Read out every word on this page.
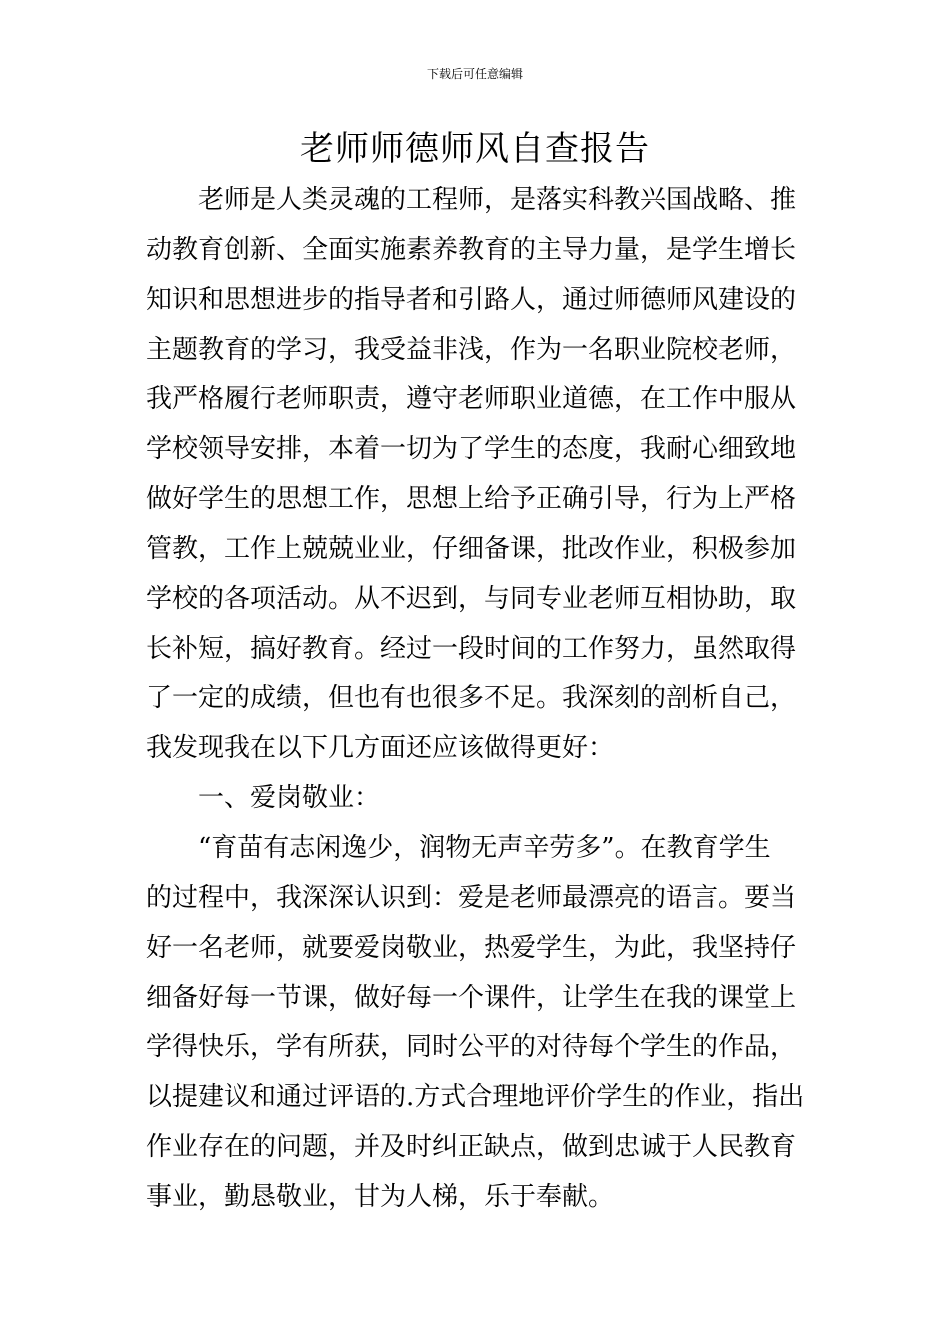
下载后可任意编辑
老师师德师风自查报告
老师是人类灵魂的工程师，是落实科教兴国战略、推
动教育创新、全面实施素养教育的主导力量，是学生增长
知识和思想进步的指导者和引路人，通过师德师风建设的
主题教育的学习，我受益非浅，作为一名职业院校老师，
我严格履行老师职责，遵守老师职业道德，在工作中服从
学校领导安排，本着一切为了学生的态度，我耐心细致地
做好学生的思想工作，思想上给予正确引导，行为上严格
管教，工作上兢兢业业，仔细备课，批改作业，积极参加
学校的各项活动。从不迟到，与同专业老师互相协助，取
长补短，搞好教育。经过一段时间的工作努力，虽然取得
了一定的成绩，但也有也很多不足。我深刻的剖析自己，
我发现我在以下几方面还应该做得更好：
一、爱岗敬业：
“育苗有志闲逸少，润物无声辛劳多”。在教育学生
的过程中，我深深认识到：爱是老师最漂亮的语言。要当
好一名老师，就要爱岗敬业，热爱学生，为此，我坚持仔
细备好每一节课，做好每一个课件，让学生在我的课堂上
学得快乐，学有所获，同时公平的对待每个学生的作品，
以提建议和通过评语的.方式合理地评价学生的作业，指出
作业存在的问题，并及时纠正缺点，做到忠诚于人民教育
事业，勤恳敬业，甘为人梯，乐于奉献。
